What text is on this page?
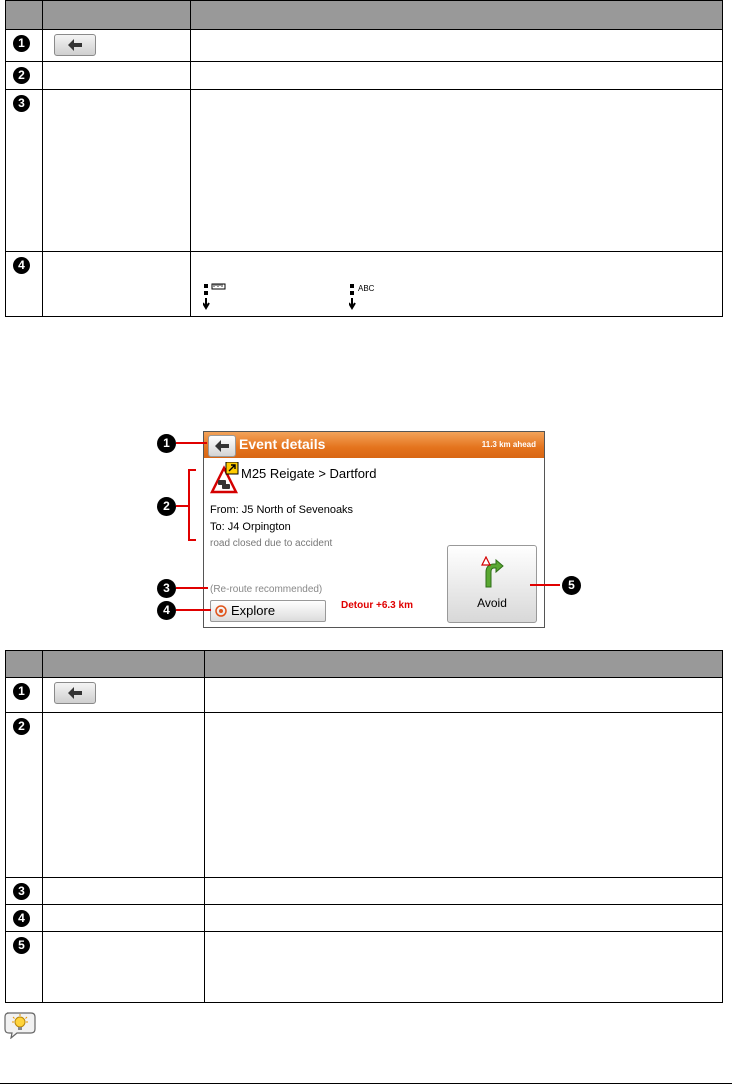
1	

2		
3		
4		ABC
Event details	11.3 km ahead
M25 Reigate > Dartford
From: J5 North of Sevenoaks
To: J4 Orpington
road closed due to accident
(Re-route recommended)
Explore	Detour +6.3 km	Avoid
1
2
3
4
5

1	

2		
3		
4		
5		
